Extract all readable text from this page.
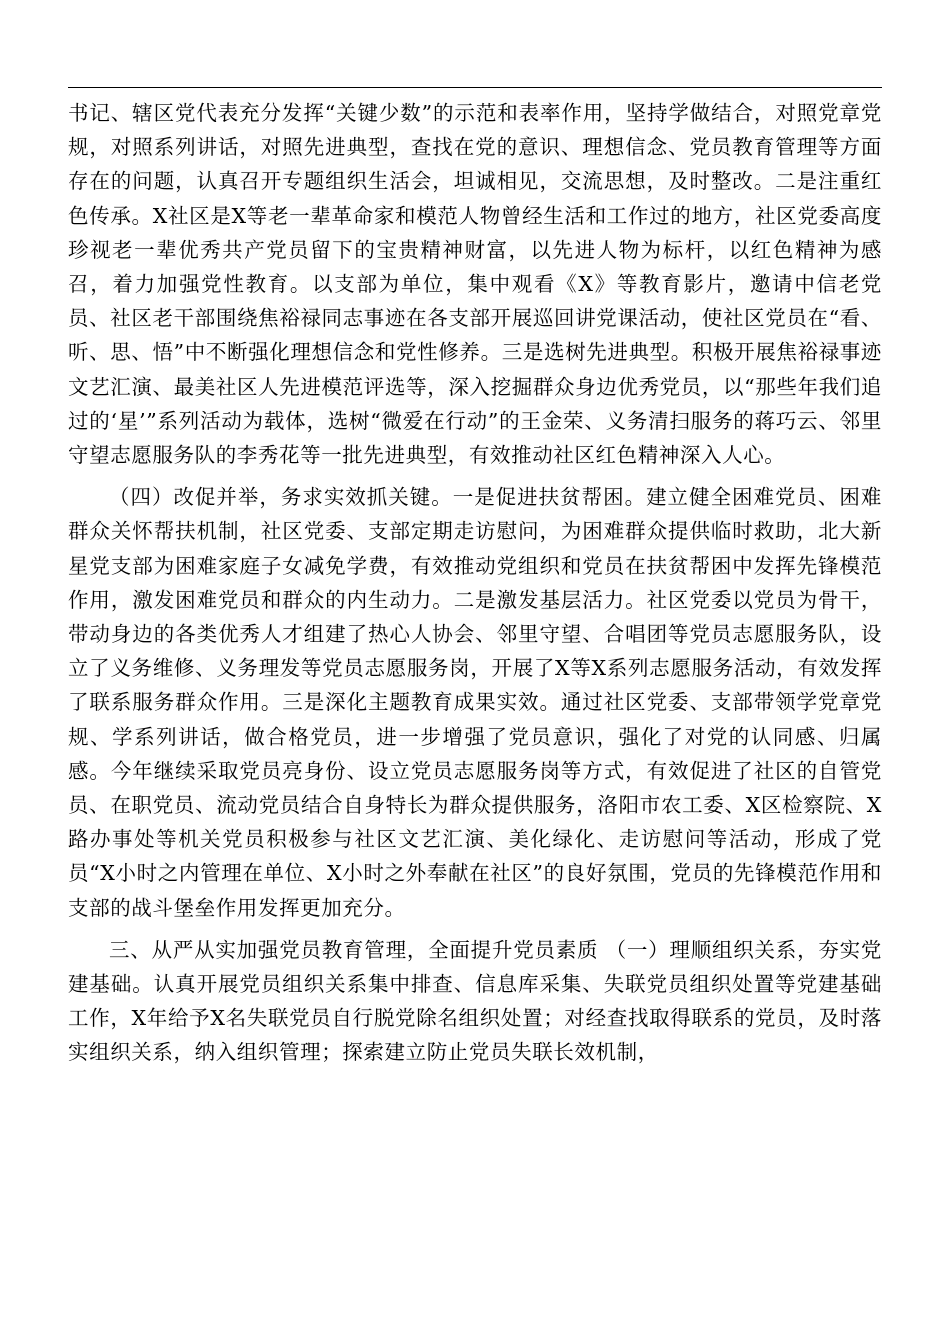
书记、辖区党代表充分发挥“关键少数”的示范和表率作用，坚持学做结合，对照党章党规，对照系列讲话，对照先进典型，查找在党的意识、理想信念、党员教育管理等方面存在的问题，认真召开专题组织生活会，坦诚相见，交流思想，及时整改。二是注重红色传承。X社区是X等老一辈革命家和模范人物曾经生活和工作过的地方，社区党委高度珍视老一辈优秀共产党员留下的宝贵精神财富，以先进人物为标杆，以红色精神为感召，着力加强党性教育。以支部为单位，集中观看《X》等教育影片，邀请中信老党员、社区老干部围绕焦裕禄同志事迹在各支部开展巡回讲党课活动，使社区党员在“看、听、思、悟”中不断强化理想信念和党性修养。三是选树先进典型。积极开展焦裕禄事迹文艺汇演、最美社区人先进模范评选等，深入挖掘群众身边优秀党员，以“那些年我们追过的‘星’”系列活动为载体，选树“微爱在行动”的王金荣、义务清扫服务的蒋巧云、邻里守望志愿服务队的李秀花等一批先进典型，有效推动社区红色精神深入人心。

（四）改促并举，务求实效抓关键。一是促进扶贫帮困。建立健全困难党员、困难群众关怀帮扶机制，社区党委、支部定期走访慰问，为困难群众提供临时救助，北大新星党支部为困难家庭子女减免学费，有效推动党组织和党员在扶贫帮困中发挥先锋模范作用，激发困难党员和群众的内生动力。二是激发基层活力。社区党委以党员为骨干，带动身边的各类优秀人才组建了热心人协会、邻里守望、合唱团等党员志愿服务队，设立了义务维修、义务理发等党员志愿服务岗，开展了X等X系列志愿服务活动，有效发挥了联系服务群众作用。三是深化主题教育成果实效。通过社区党委、支部带领学党章党规、学系列讲话，做合格党员，进一步增强了党员意识，强化了对党的认同感、归属感。今年继续采取党员亮身份、设立党员志愿服务岗等方式，有效促进了社区的自管党员、在职党员、流动党员结合自身特长为群众提供服务，洛阳市农工委、X区检察院、X路办事处等机关党员积极参与社区文艺汇演、美化绿化、走访慰问等活动，形成了党员“X小时之内管理在单位、X小时之外奉献在社区”的良好氛围，党员的先锋模范作用和支部的战斗堡垒作用发挥更加充分。

三、从严从实加强党员教育管理，全面提升党员素质 （一）理顺组织关系，夯实党建基础。认真开展党员组织关系集中排查、信息库采集、失联党员组织处置等党建基础工作，X年给予X名失联党员自行脱党除名组织处置；对经查找取得联系的党员，及时落实组织关系，纳入组织管理；探索建立防止党员失联长效机制，
